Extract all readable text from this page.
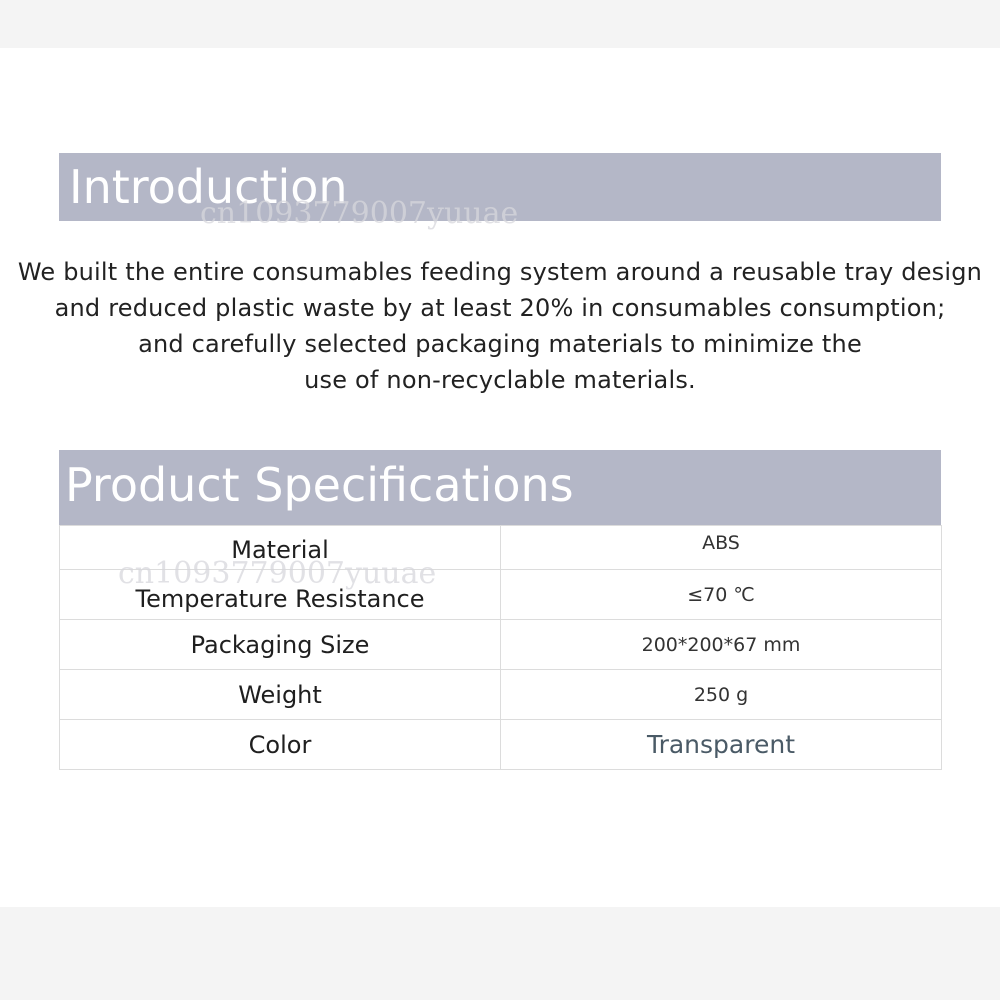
Introduction
cn1093779007yuuae

We built the entire consumables feeding system around a reusable tray design

and reduced plastic waste by at least 20% in consumables consumption;

and carefully selected packaging materials to minimize the

use of non-recyclable materials.

Product Specifications
Material	ABS
Temperature Resistance	≤70 ℃
Packaging Size	200*200*67 mm
Weight	250 g
Color	Transparent
cn1093779007yuuae
